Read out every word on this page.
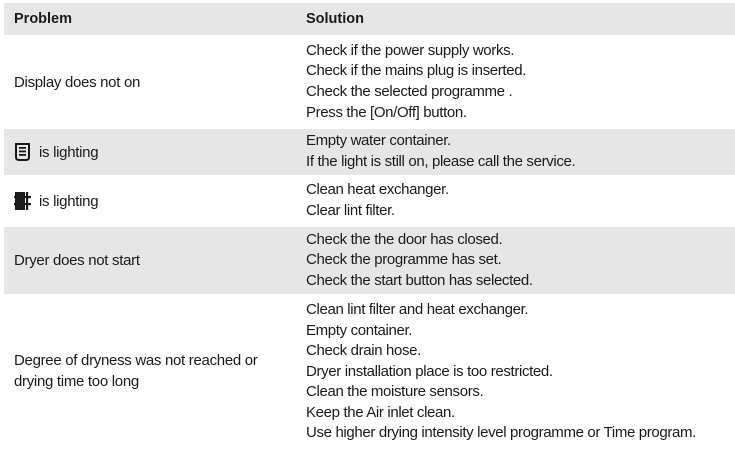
Problem	Solution
Display does not on
Check if the power supply works.
Check if the mains plug is inserted.
Check the selected programme .
Press the [On/Off] button.
is lighting
Empty water container.
If the light is still on, please call the service.
is lighting
Clean heat exchanger.
Clear lint filter.
Dryer does not start
Check the the door has closed.
Check the programme has set.
Check the start button has selected.
Degree of dryness was not reached or
drying time too long
Clean lint filter and heat exchanger.
Empty container.
Check drain hose.
Dryer installation place is too restricted.
Clean the moisture sensors.
Keep the Air inlet clean.
Use higher drying intensity level programme or Time program.
